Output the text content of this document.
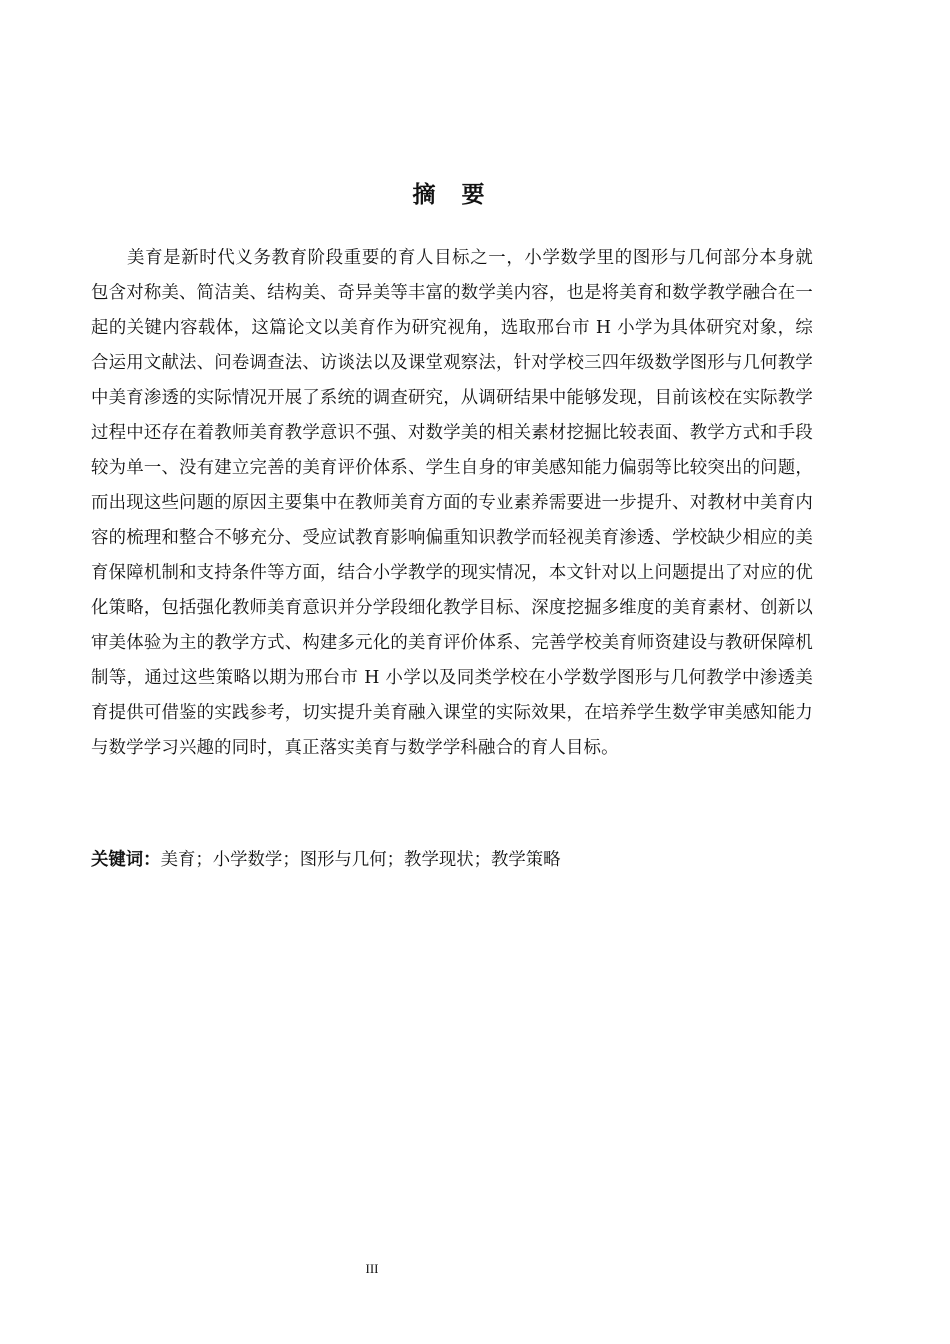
摘 要

美育是新时代义务教育阶段重要的育人目标之一，小学数学里的图形与几何部分本身就包含对称美、简洁美、结构美、奇异美等丰富的数学美内容，也是将美育和数学教学融合在一起的关键内容载体，这篇论文以美育作为研究视角，选取邢台市 H 小学为具体研究对象，综合运用文献法、问卷调查法、访谈法以及课堂观察法，针对学校三四年级数学图形与几何教学中美育渗透的实际情况开展了系统的调查研究，从调研结果中能够发现，目前该校在实际教学过程中还存在着教师美育教学意识不强、对数学美的相关素材挖掘比较表面、教学方式和手段较为单一、没有建立完善的美育评价体系、学生自身的审美感知能力偏弱等比较突出的问题，而出现这些问题的原因主要集中在教师美育方面的专业素养需要进一步提升、对教材中美育内容的梳理和整合不够充分、受应试教育影响偏重知识教学而轻视美育渗透、学校缺少相应的美育保障机制和支持条件等方面，结合小学教学的现实情况，本文针对以上问题提出了对应的优化策略，包括强化教师美育意识并分学段细化教学目标、深度挖掘多维度的美育素材、创新以审美体验为主的教学方式、构建多元化的美育评价体系、完善学校美育师资建设与教研保障机制等，通过这些策略以期为邢台市 H 小学以及同类学校在小学数学图形与几何教学中渗透美育提供可借鉴的实践参考，切实提升美育融入课堂的实际效果，在培养学生数学审美感知能力与数学学习兴趣的同时，真正落实美育与数学学科融合的育人目标。

关键词：美育；小学数学；图形与几何；教学现状；教学策略
III
